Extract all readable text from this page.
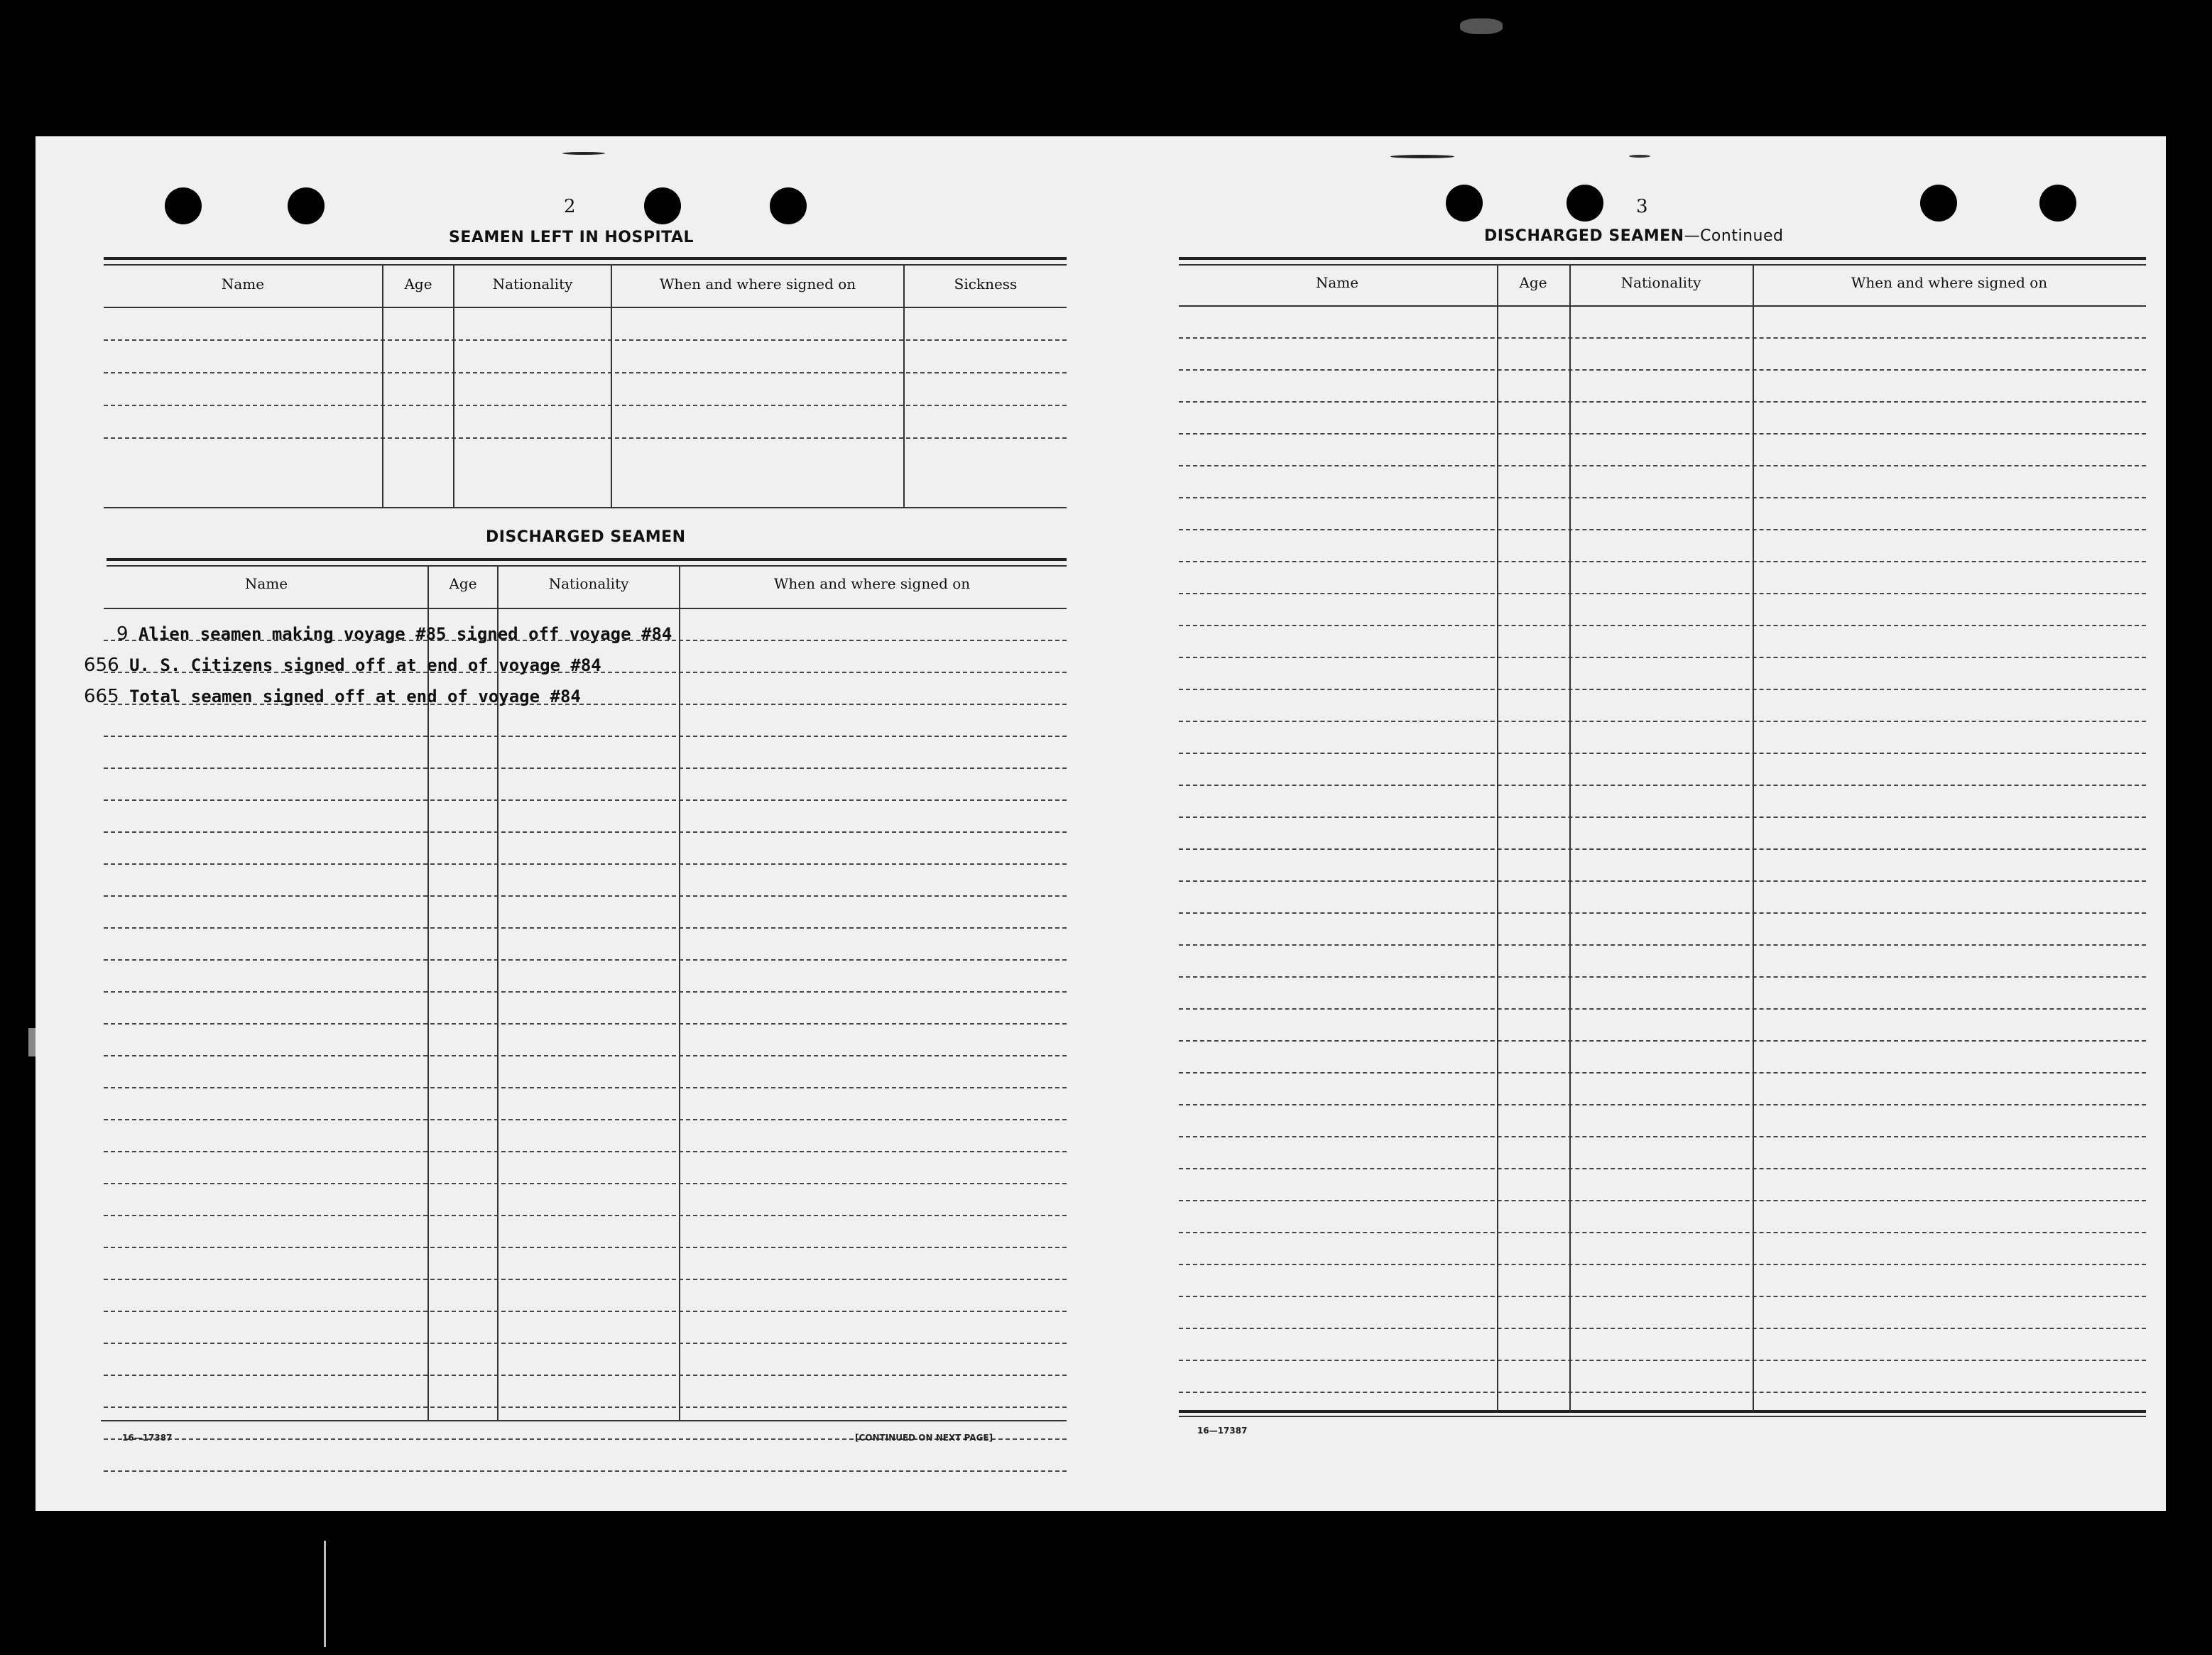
2
SEAMEN LEFT IN HOSPITAL
Name	Age	Nationality	When and where signed on	Sickness
DISCHARGED SEAMEN
Name	Age	Nationality	When and where signed on
9 Alien seamen making voyage #85 signed off voyage #84
656 U. S. Citizens signed off at end of voyage #84
665 Total seamen signed off at end of voyage #84
16—17387	[CONTINUED ON NEXT PAGE]
3
DISCHARGED SEAMEN—Continued
Name	Age	Nationality	When and where signed on
16—17387
